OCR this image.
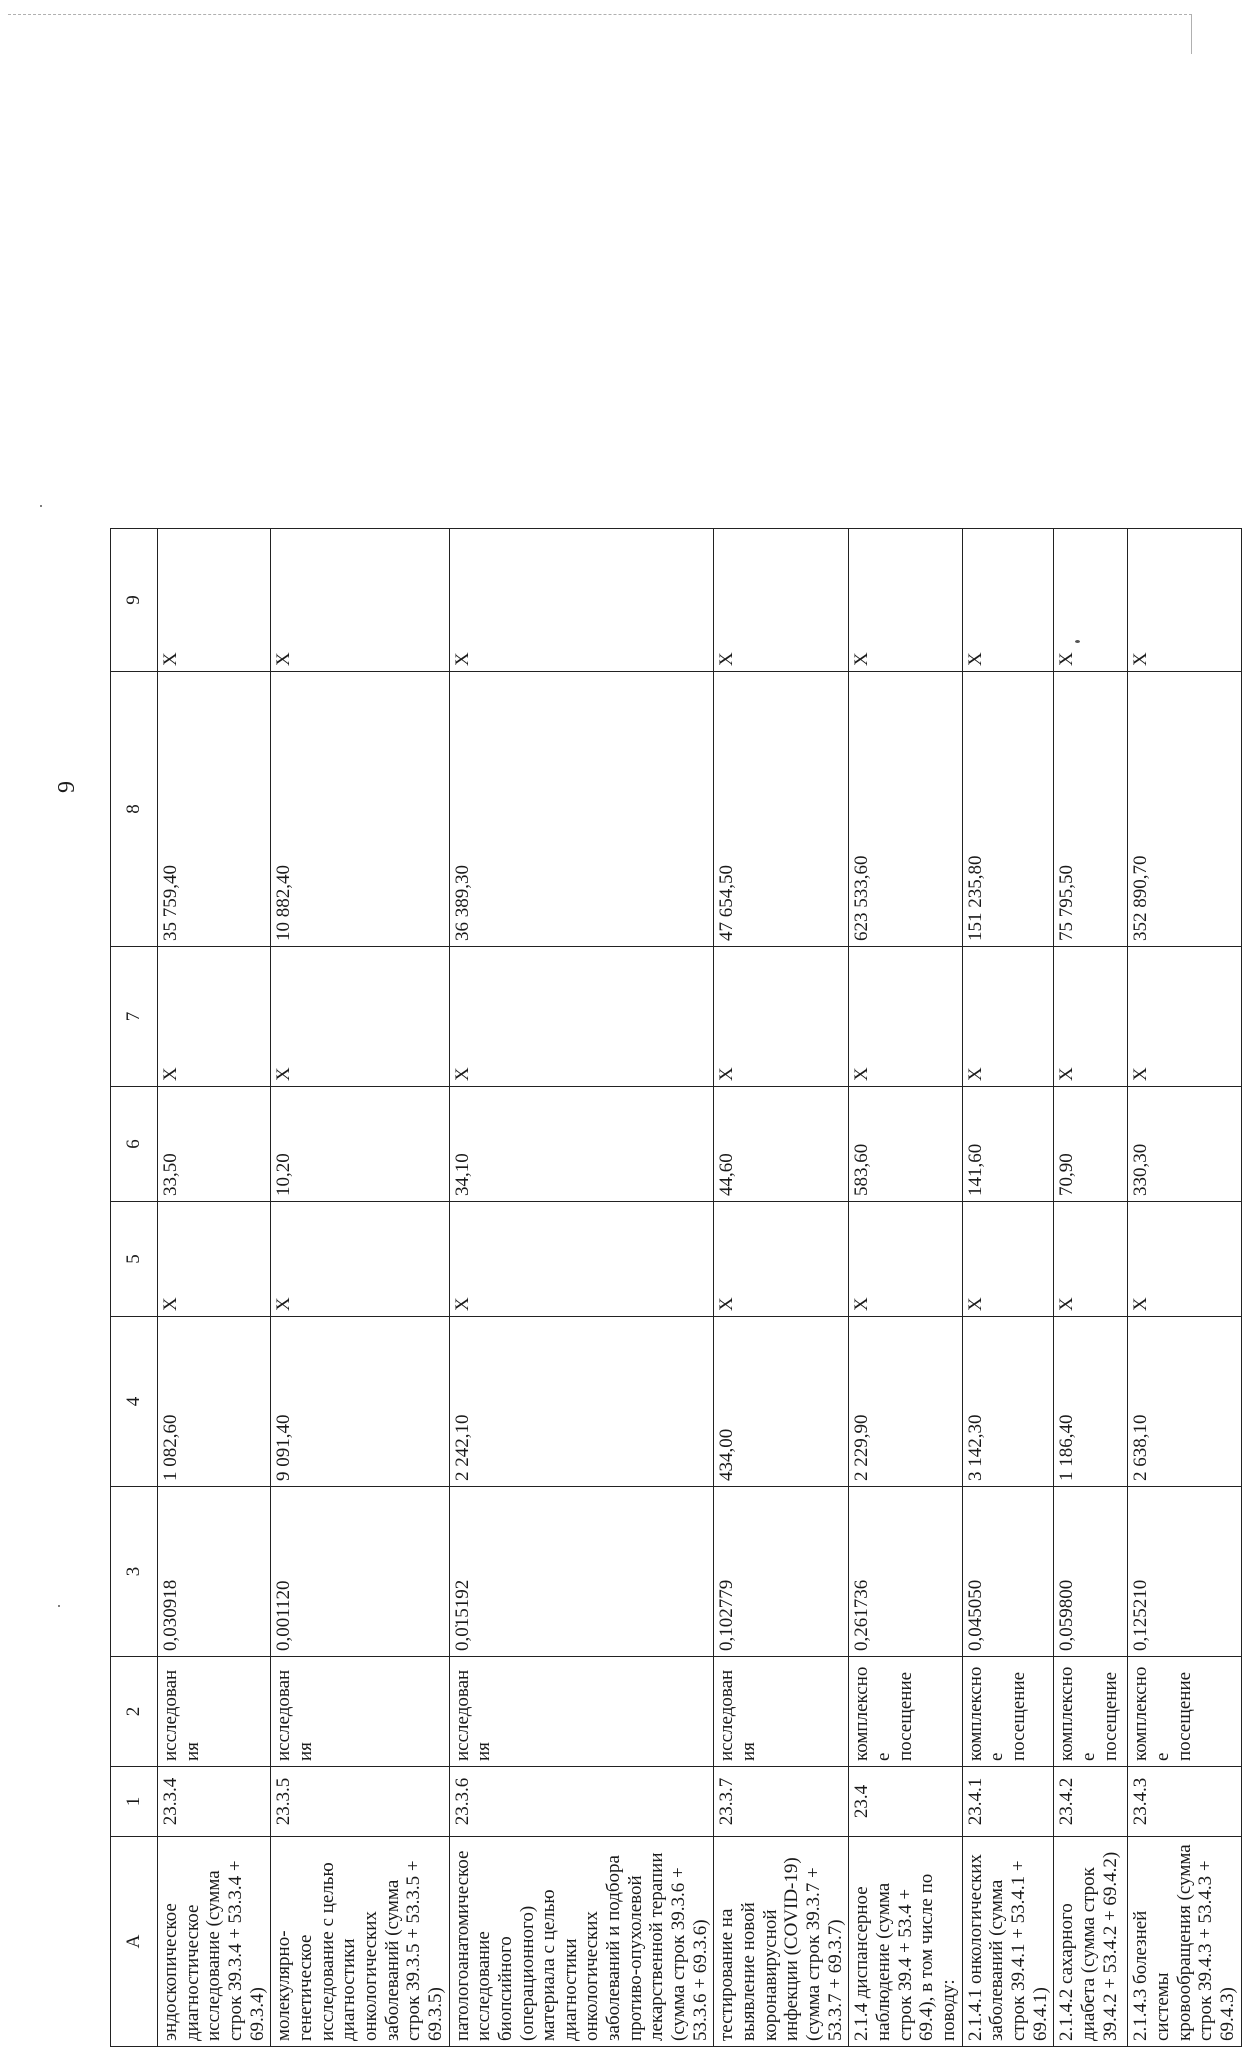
9
А	1	2	3	4	5	6	7	8	9
эндоскопическое диагностическое исследование (сумма строк 39.3.4 + 53.3.4 + 69.3.4)	23.3.4	исследования	0,030918	1 082,60	X	33,50	X	35 759,40	X
молекулярно-генетическое исследование с целью диагностики онкологических заболеваний (сумма строк 39.3.5 + 53.3.5 + 69.3.5)	23.3.5	исследования	0,001120	9 091,40	X	10,20	X	10 882,40	X
патологоанатомическое исследование биопсийного (операционного) материала с целью диагностики онкологических заболеваний и подбора противо-опухолевой лекарственной терапии (сумма строк 39.3.6 + 53.3.6 + 69.3.6)	23.3.6	исследования	0,015192	2 242,10	X	34,10	X	36 389,30	X
тестирование на выявление новой коронавирусной инфекции (COVID-19) (сумма строк 39.3.7 + 53.3.7 + 69.3.7)	23.3.7	исследования	0,102779	434,00	X	44,60	X	47 654,50	X
2.1.4 диспансерное наблюдение (сумма строк 39.4 + 53.4 + 69.4), в том числе по поводу:	23.4	комплексное посещение	0,261736	2 229,90	X	583,60	X	623 533,60	X
2.1.4.1 онкологических заболеваний (сумма строк 39.4.1 + 53.4.1 + 69.4.1)	23.4.1	комплексное посещение	0,045050	3 142,30	X	141,60	X	151 235,80	X
2.1.4.2 сахарного диабета (сумма строк 39.4.2 + 53.4.2 + 69.4.2)	23.4.2	комплексное посещение	0,059800	1 186,40	X	70,90	X	75 795,50	X
2.1.4.3 болезней системы кровообращения (сумма строк 39.4.3 + 53.4.3 + 69.4.3)	23.4.3	комплексное посещение	0,125210	2 638,10	X	330,30	X	352 890,70	X
